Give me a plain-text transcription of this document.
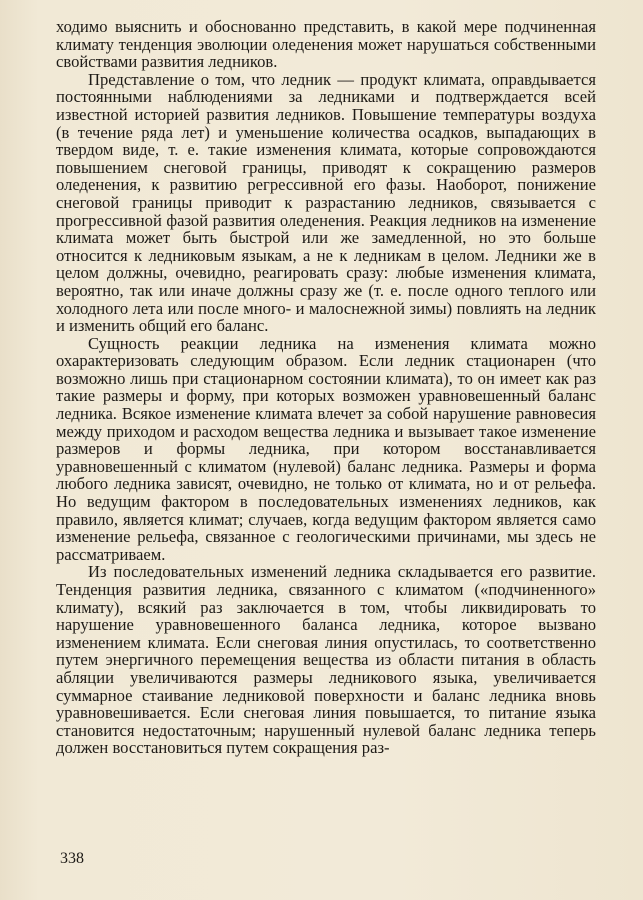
ходимо выяснить и обоснованно представить, в какой мере подчиненная климату тенденция эволюции оледенения может нарушаться собственными свойствами развития ледников.

Представление о том, что ледник — продукт климата, оправдывается постоянными наблюдениями за ледниками и подтверждается всей известной историей развития ледников. Повышение температуры воздуха (в течение ряда лет) и уменьшение количества осадков, выпадающих в твердом виде, т. е. такие изменения климата, которые сопровождаются повышением снеговой границы, приводят к сокращению размеров оледенения, к развитию регрессивной его фазы. Наоборот, понижение снеговой границы приводит к разрастанию ледников, связывается с прогрессивной фазой развития оледенения. Реакция ледников на изменение климата может быть быстрой или же замедленной, но это больше относится к ледниковым языкам, а не к ледникам в целом. Ледники же в целом должны, очевидно, реагировать сразу: любые изменения климата, вероятно, так или иначе должны сразу же (т. е. после одного теплого или холодного лета или после много- и малоснежной зимы) повлиять на ледник и изменить общий его баланс.

Сущность реакции ледника на изменения климата можно охарактеризовать следующим образом. Если ледник стационарен (что возможно лишь при стационарном состоянии климата), то он имеет как раз такие размеры и форму, при которых возможен уравновешенный баланс ледника. Всякое изменение климата влечет за собой нарушение равновесия между приходом и расходом вещества ледника и вызывает такое изменение размеров и формы ледника, при котором восстанавливается уравновешенный с климатом (нулевой) баланс ледника. Размеры и форма любого ледника зависят, очевидно, не только от климата, но и от рельефа. Но ведущим фактором в последовательных изменениях ледников, как правило, является климат; случаев, когда ведущим фактором является само изменение рельефа, связанное с геологическими причинами, мы здесь не рассматриваем.

Из последовательных изменений ледника складывается его развитие. Тенденция развития ледника, связанного с климатом («подчиненного» климату), всякий раз заключается в том, чтобы ликвидировать то нарушение уравновешенного баланса ледника, которое вызвано изменением климата. Если снеговая линия опустилась, то соответственно путем энергичного перемещения вещества из области питания в область абляции увеличиваются размеры ледникового языка, увеличивается суммарное стаивание ледниковой поверхности и баланс ледника вновь уравновешивается. Если снеговая линия повышается, то питание языка становится недостаточным; нарушенный нулевой баланс ледника теперь должен восстановиться путем сокращения раз-

338
